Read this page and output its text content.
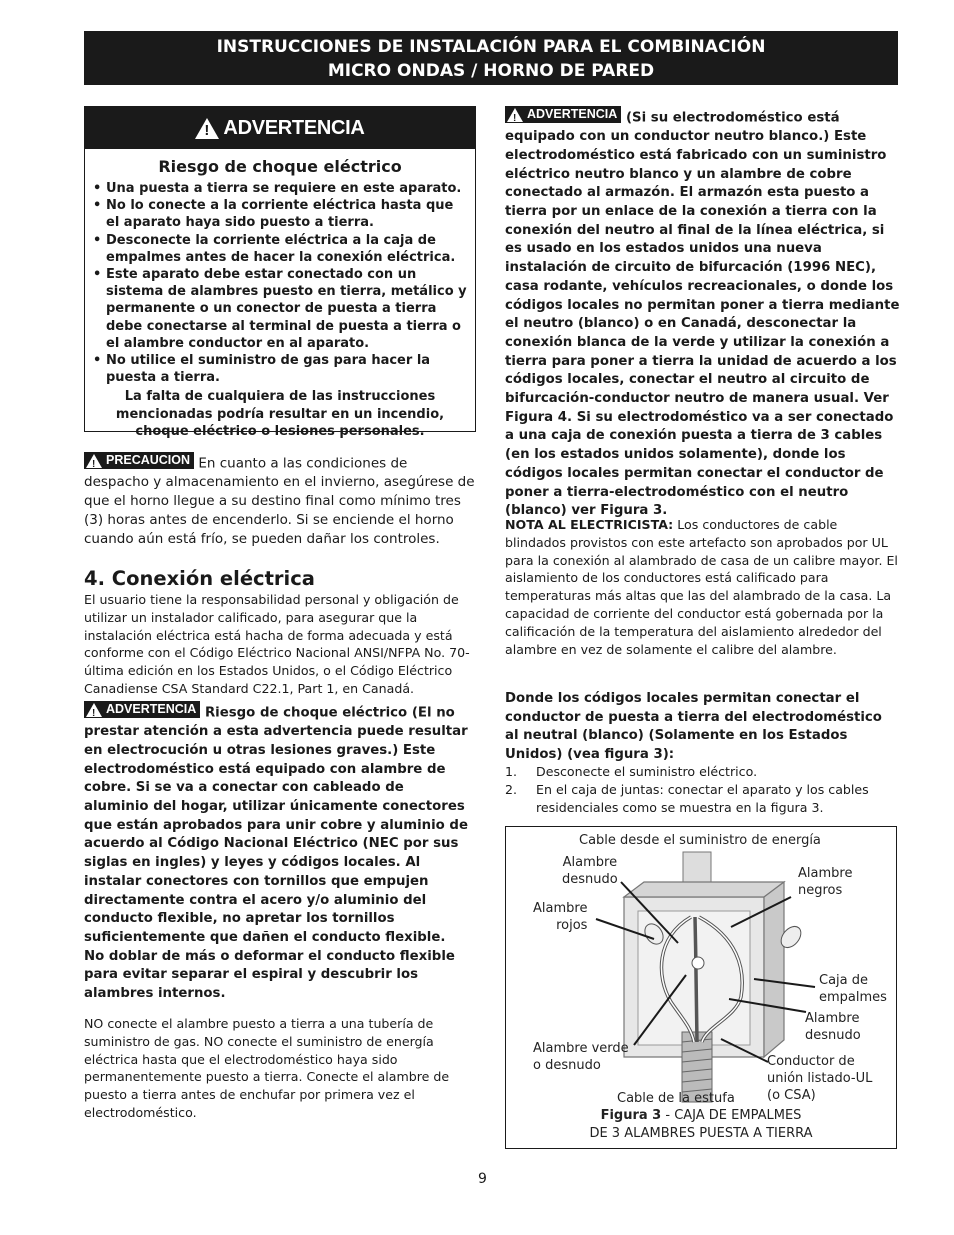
INSTRUCCIONES DE INSTALACIÓN PARA EL COMBINACIÓN
MICRO ONDAS / HORNO DE PARED
!
ADVERTENCIA
Riesgo de choque eléctrico
• Una puesta a tierra se requiere en este aparato.
• No lo conecte a la corriente eléctrica hasta que el aparato haya sido puesto a tierra.
• Desconecte la corriente eléctrica a la caja de empalmes antes de hacer la conexión eléctrica.
• Este aparato debe estar conectado con un sistema de alambres puesto en tierra, metálico y permanente o un conector de puesta a tierra debe conectarse al terminal de puesta a tierra o el alambre conductor en al aparato.
• No utilice el suministro de gas para hacer la puesta a tierra.
La falta de cualquiera de las instrucciones mencionadas podría resultar en un incendio, choque eléctrico o lesiones personales.
!
PRECAUCION En cuanto a las condiciones de despacho y almacenamiento en el invierno, asegúrese de que el horno llegue a su destino final como mínimo tres (3) horas antes de encenderlo. Si se enciende el horno cuando aún está frío, se pueden dañar los controles.
4. Conexión eléctrica
El usuario tiene la responsabilidad personal y obligación de utilizar un instalador calificado, para asegurar que la instalación eléctrica está hacha de forma adecuada y está conforme con el Código Eléctrico Nacional ANSI/NFPA No. 70-última edición en los Estados Unidos, o el Código Eléctrico Canadiense CSA Standard C22.1, Part 1, en Canadá.
!
ADVERTENCIA Riesgo de choque eléctrico (El no prestar atención a esta advertencia puede resultar en electrocución u otras lesiones graves.) Este electrodoméstico está equipado con alambre de cobre. Si se va a conectar con cableado de aluminio del hogar, utilizar únicamente conectores que están aprobados para unir cobre y aluminio de acuerdo al Código Nacional Eléctrico (NEC por sus siglas en ingles) y leyes y códigos locales. Al instalar conectores con tornillos que empujen directamente contra el acero y/o aluminio del conducto flexible, no apretar los tornillos suficientemente que dañen el conducto flexible. No doblar de más o deformar el conducto flexible para evitar separar el espiral y descubrir los alambres internos.
NO conecte el alambre puesto a tierra a una tubería de suministro de gas. NO conecte el suministro de energía eléctrica hasta que el electrodoméstico haya sido permanentemente puesto a tierra. Conecte el alambre de puesto a tierra antes de enchufar por primera vez el electrodoméstico.
!
ADVERTENCIA (Si su electrodoméstico está equipado con un conductor neutro blanco.) Este electrodoméstico está fabricado con un suministro eléctrico neutro blanco y un alambre de cobre conectado al armazón. El armazón esta puesto a tierra por un enlace de la conexión a tierra con la conexión del neutro al final de la línea eléctrica, si es usado en los estados unidos una nueva instalación de circuito de bifurcación (1996 NEC), casa rodante, vehículos recreacionales, o donde los códigos locales no permitan poner a tierra mediante el neutro (blanco) o en Canadá, desconectar la conexión blanca de la verde y utilizar la conexión a tierra para poner a tierra la unidad de acuerdo a los códigos locales, conectar el neutro al circuito de bifurcación-conductor neutro de manera usual. Ver Figura 4. Si su electrodoméstico va a ser conectado a una caja de conexión puesta a tierra de 3 cables (en los estados unidos solamente), donde los códigos locales permitan conectar el conductor de poner a tierra-electrodoméstico con el neutro (blanco) ver Figura 3.
NOTA AL ELECTRICISTA: Los conductores de cable blindados provistos con este artefacto son aprobados por UL para la conexión al alambrado de casa de un calibre mayor. El aislamiento de los conductores está calificado para temperaturas más altas que las del alambrado de la casa. La capacidad de corriente del conductor está gobernada por la calificación de la temperatura del aislamiento alrededor del alambre en vez de solamente el calibre del alambre.
Donde los códigos locales permitan conectar el conductor de puesta a tierra del electrodoméstico al neutral (blanco) (Solamente en los Estados Unidos) (vea figura 3):
1. Desconecte el suministro eléctrico.
2. En el caja de juntas: conectar el aparato y los cables residenciales como se muestra en la figura 3.
Cable desde el suministro de energía
Alambre
desnudo	Alambre
negros
Alambre
rojos
Caja de
empalmes
Alambre
desnudo
Alambre verde
o desnudo	Conductor de
unión listado-UL
(o CSA)
Cable de la estufa
Figura 3 - CAJA DE EMPALMES
DE 3 ALAMBRES PUESTA A TIERRA
9
